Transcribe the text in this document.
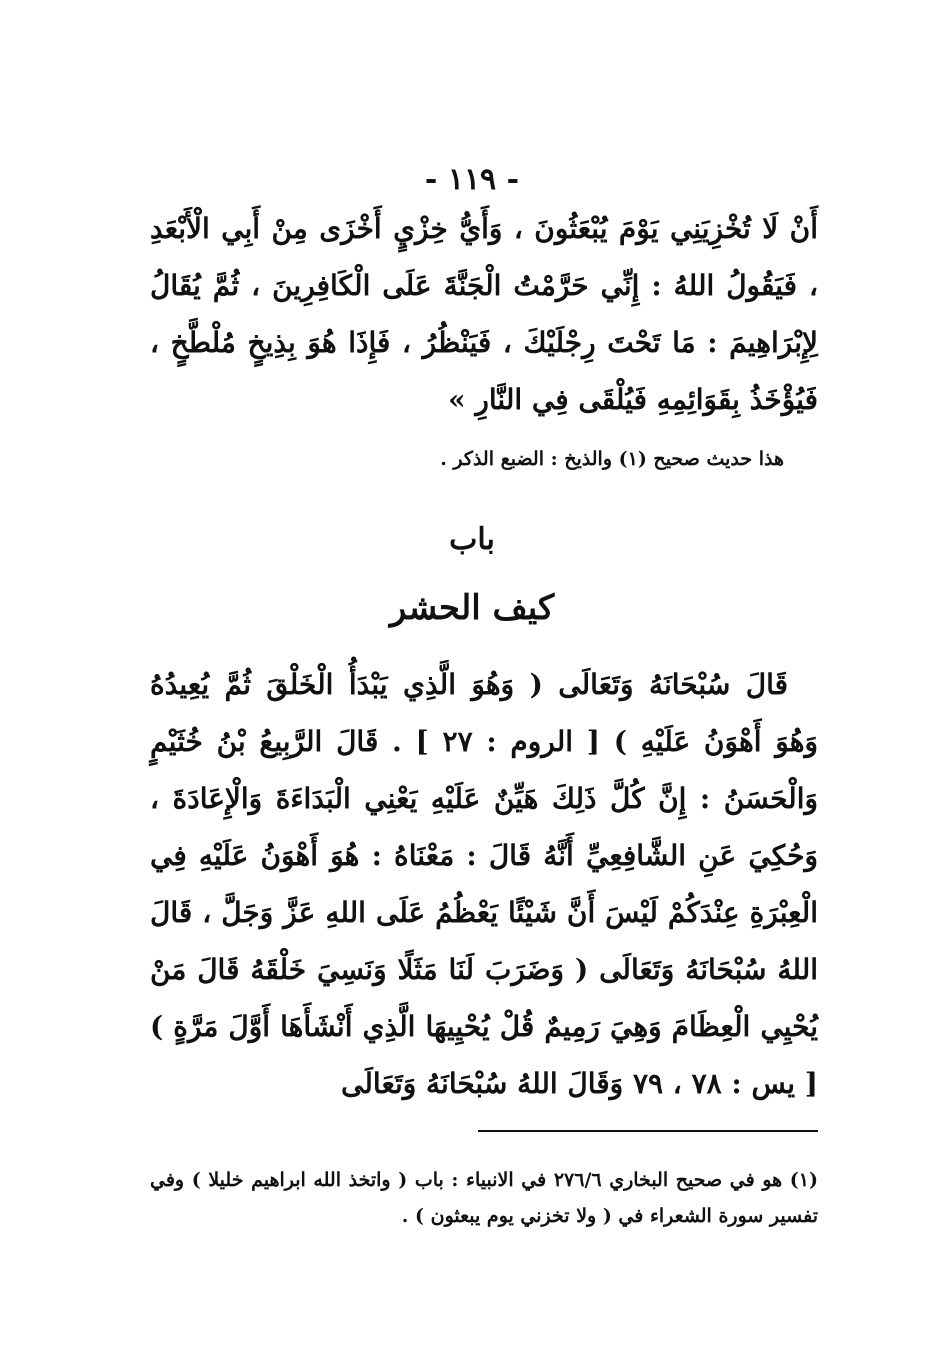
- ١١٩ -

أَنْ لَا تُخْزِيَنِي يَوْمَ يُبْعَثُونَ ، وَأَيُّ خِزْيٍ أَخْزَى مِنْ أَبِي الْأَبْعَدِ ، فَيَقُولُ اللهُ : إِنِّي حَرَّمْتُ الْجَنَّةَ عَلَى الْكَافِرِينَ ، ثُمَّ يُقَالُ لِإِبْرَاهِيمَ : مَا تَحْتَ رِجْلَيْكَ ، فَيَنْظُرُ ، فَإِذَا هُوَ بِذِيخٍ مُلْطَّخٍ ، فَيُؤْخَذُ بِقَوَائِمِهِ فَيُلْقَى فِي النَّارِ »

هذا حديث صحيح (١) والذيخ : الضبع الذكر .
باب
كيف الحشر

قَالَ سُبْحَانَهُ وَتَعَالَى ( وَهُوَ الَّذِي يَبْدَأُ الْخَلْقَ ثُمَّ يُعِيدُهُ وَهُوَ أَهْوَنُ عَلَيْهِ ) [ الروم : ٢٧ ] . قَالَ الرَّبِيعُ بْنُ خُثَيْمٍ وَالْحَسَنُ : إِنَّ كُلَّ ذَلِكَ هَيِّنٌ عَلَيْهِ يَعْنِي الْبَدَاءَةَ وَالْإِعَادَةَ ، وَحُكِيَ عَنِ الشَّافِعِيِّ أَنَّهُ قَالَ : مَعْنَاهُ : هُوَ أَهْوَنُ عَلَيْهِ فِي الْعِبْرَةِ عِنْدَكُمْ لَيْسَ أَنَّ شَيْئًا يَعْظُمُ عَلَى اللهِ عَزَّ وَجَلَّ ، قَالَ اللهُ سُبْحَانَهُ وَتَعَالَى ( وَضَرَبَ لَنَا مَثَلًا وَنَسِيَ خَلْقَهُ قَالَ مَنْ يُحْيِي الْعِظَامَ وَهِيَ رَمِيمٌ قُلْ يُحْيِيهَا الَّذِي أَنْشَأَهَا أَوَّلَ مَرَّةٍ ) [ يس : ٧٨ ، ٧٩ وَقَالَ اللهُ سُبْحَانَهُ وَتَعَالَى

(١) هو في صحيح البخاري ٢٧٦/٦ في الانبياء : باب ( واتخذ الله ابراهيم خليلا ) وفي تفسير سورة الشعراء في ( ولا تخزني يوم يبعثون ) .
